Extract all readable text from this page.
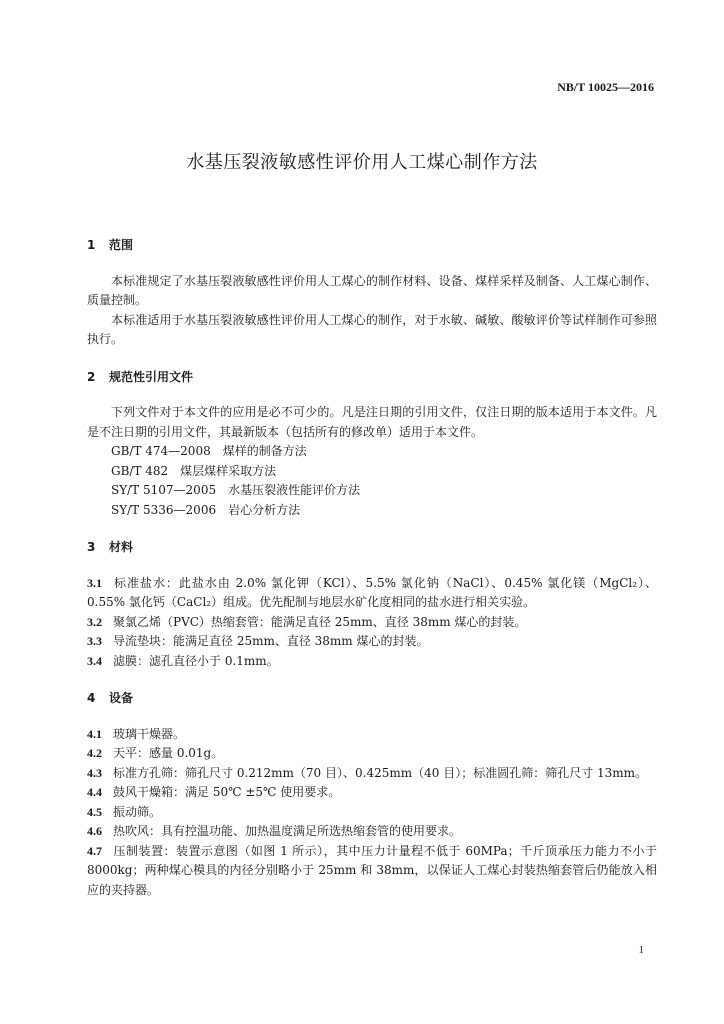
NB/T 10025—2016
水基压裂液敏感性评价用人工煤心制作方法
1	范围

本标准规定了水基压裂液敏感性评价用人工煤心的制作材料、设备、煤样采样及制备、人工煤心制作、质量控制。

本标准适用于水基压裂液敏感性评价用人工煤心的制作，对于水敏、碱敏、酸敏评价等试样制作可参照执行。

2	规范性引用文件

下列文件对于本文件的应用是必不可少的。凡是注日期的引用文件，仅注日期的版本适用于本文件。凡是不注日期的引用文件，其最新版本（包括所有的修改单）适用于本文件。

GB/T 474—2008　煤样的制备方法

GB/T 482　煤层煤样采取方法

SY/T 5107—2005　水基压裂液性能评价方法

SY/T 5336—2006　岩心分析方法

3	材料

3.1 标准盐水：此盐水由 2.0% 氯化钾（KCl）、5.5% 氯化钠（NaCl）、0.45% 氯化镁（MgCl₂）、0.55% 氯化钙（CaCl₂）组成。优先配制与地层水矿化度相同的盐水进行相关实验。

3.2 聚氯乙烯（PVC）热缩套管：能满足直径 25mm、直径 38mm 煤心的封装。

3.3 导流垫块：能满足直径 25mm、直径 38mm 煤心的封装。

3.4 滤膜：滤孔直径小于 0.1mm。

4	设备

4.1 玻璃干燥器。

4.2 天平：感量 0.01g。

4.3 标准方孔筛：筛孔尺寸 0.212mm（70 目）、0.425mm（40 目）；标准圆孔筛：筛孔尺寸 13mm。

4.4 鼓风干燥箱：满足 50℃ ±5℃ 使用要求。

4.5 振动筛。

4.6 热吹风：具有控温功能、加热温度满足所选热缩套管的使用要求。

4.7 压制装置：装置示意图（如图 1 所示），其中压力计量程不低于 60MPa；千斤顶承压力能力不小于 8000kg；两种煤心模具的内径分别略小于 25mm 和 38mm，以保证人工煤心封装热缩套管后仍能放入相应的夹持器。

1
